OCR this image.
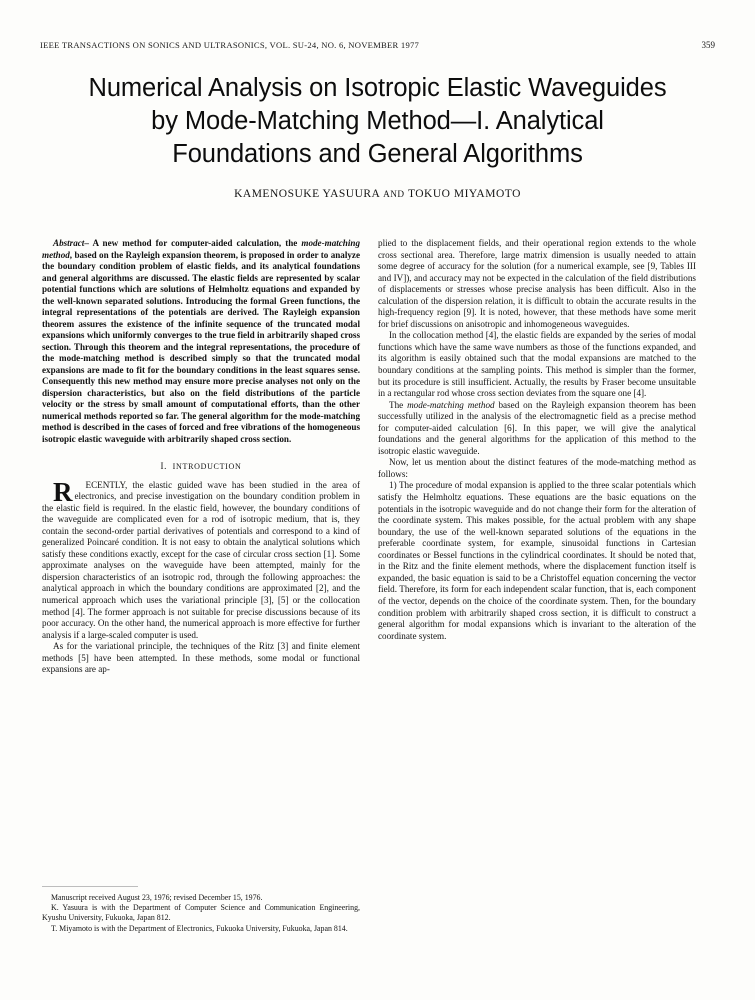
IEEE TRANSACTIONS ON SONICS AND ULTRASONICS, VOL. SU-24, NO. 6, NOVEMBER 1977	359
Numerical Analysis on Isotropic Elastic Waveguides
by Mode-Matching Method—I. Analytical
Foundations and General Algorithms
KAMENOSUKE YASUURA AND TOKUO MIYAMOTO

Abstract– A new method for computer-aided calculation, the mode-matching method, based on the Rayleigh expansion theorem, is proposed in order to analyze the boundary condition problem of elastic fields, and its analytical foundations and general algorithms are discussed. The elastic fields are represented by scalar potential functions which are solutions of Helmholtz equations and expanded by the well-known separated solutions. Introducing the formal Green functions, the integral representations of the potentials are derived. The Rayleigh expansion theorem assures the existence of the infinite sequence of the truncated modal expansions which uniformly converges to the true field in arbitrarily shaped cross section. Through this theorem and the integral representations, the procedure of the mode-matching method is described simply so that the truncated modal expansions are made to fit for the boundary conditions in the least squares sense. Consequently this new method may ensure more precise analyses not only on the dispersion characteristics, but also on the field distributions of the particle velocity or the stress by small amount of computational efforts, than the other numerical methods reported so far. The general algorithm for the mode-matching method is described in the cases of forced and free vibrations of the homogeneous isotropic elastic waveguide with arbitrarily shaped cross section.

I. INTRODUCTION

R ECENTLY, the elastic guided wave has been studied in the area of electronics, and precise investigation on the boundary condition problem in the elastic field is required. In the elastic field, however, the boundary conditions of the waveguide are complicated even for a rod of isotropic medium, that is, they contain the second-order partial derivatives of potentials and correspond to a kind of generalized Poincaré condition. It is not easy to obtain the analytical solutions which satisfy these conditions exactly, except for the case of circular cross section [1]. Some approximate analyses on the waveguide have been attempted, mainly for the dispersion characteristics of an isotropic rod, through the following approaches: the analytical approach in which the boundary conditions are approximated [2], and the numerical approach which uses the variational principle [3], [5] or the collocation method [4]. The former approach is not suitable for precise discussions because of its poor accuracy. On the other hand, the numerical approach is more effective for further analysis if a large-scaled computer is used.

As for the variational principle, the techniques of the Ritz [3] and finite element methods [5] have been attempted. In these methods, some modal or functional expansions are ap-

plied to the displacement fields, and their operational region extends to the whole cross sectional area. Therefore, large matrix dimension is usually needed to attain some degree of accuracy for the solution (for a numerical example, see [9, Tables III and IV]), and accuracy may not be expected in the calculation of the field distributions of displacements or stresses whose precise analysis has been difficult. Also in the calculation of the dispersion relation, it is difficult to obtain the accurate results in the high-frequency region [9]. It is noted, however, that these methods have some merit for brief discussions on anisotropic and inhomogeneous waveguides.

In the collocation method [4], the elastic fields are expanded by the series of modal functions which have the same wave numbers as those of the functions expanded, and its algorithm is easily obtained such that the modal expansions are matched to the boundary conditions at the sampling points. This method is simpler than the former, but its procedure is still insufficient. Actually, the results by Fraser become unsuitable in a rectangular rod whose cross section deviates from the square one [4].

The mode-matching method based on the Rayleigh expansion theorem has been successfully utilized in the analysis of the electromagnetic field as a precise method for computer-aided calculation [6]. In this paper, we will give the analytical foundations and the general algorithms for the application of this method to the isotropic elastic waveguide.

Now, let us mention about the distinct features of the mode-matching method as follows:

1) The procedure of modal expansion is applied to the three scalar potentials which satisfy the Helmholtz equations. These equations are the basic equations on the potentials in the isotropic waveguide and do not change their form for the alteration of the coordinate system. This makes possible, for the actual problem with any shape boundary, the use of the well-known separated solutions of the equations in the preferable coordinate system, for example, sinusoidal functions in Cartesian coordinates or Bessel functions in the cylindrical coordinates. It should be noted that, in the Ritz and the finite element methods, where the displacement function itself is expanded, the basic equation is said to be a Christoffel equation concerning the vector field. Therefore, its form for each independent scalar function, that is, each component of the vector, depends on the choice of the coordinate system. Then, for the boundary condition problem with arbitrarily shaped cross section, it is difficult to construct a general algorithm for modal expansions which is invariant to the alteration of the coordinate system.

Manuscript received August 23, 1976; revised December 15, 1976.

K. Yasuura is with the Department of Computer Science and Communication Engineering, Kyushu University, Fukuoka, Japan 812.

T. Miyamoto is with the Department of Electronics, Fukuoka University, Fukuoka, Japan 814.
